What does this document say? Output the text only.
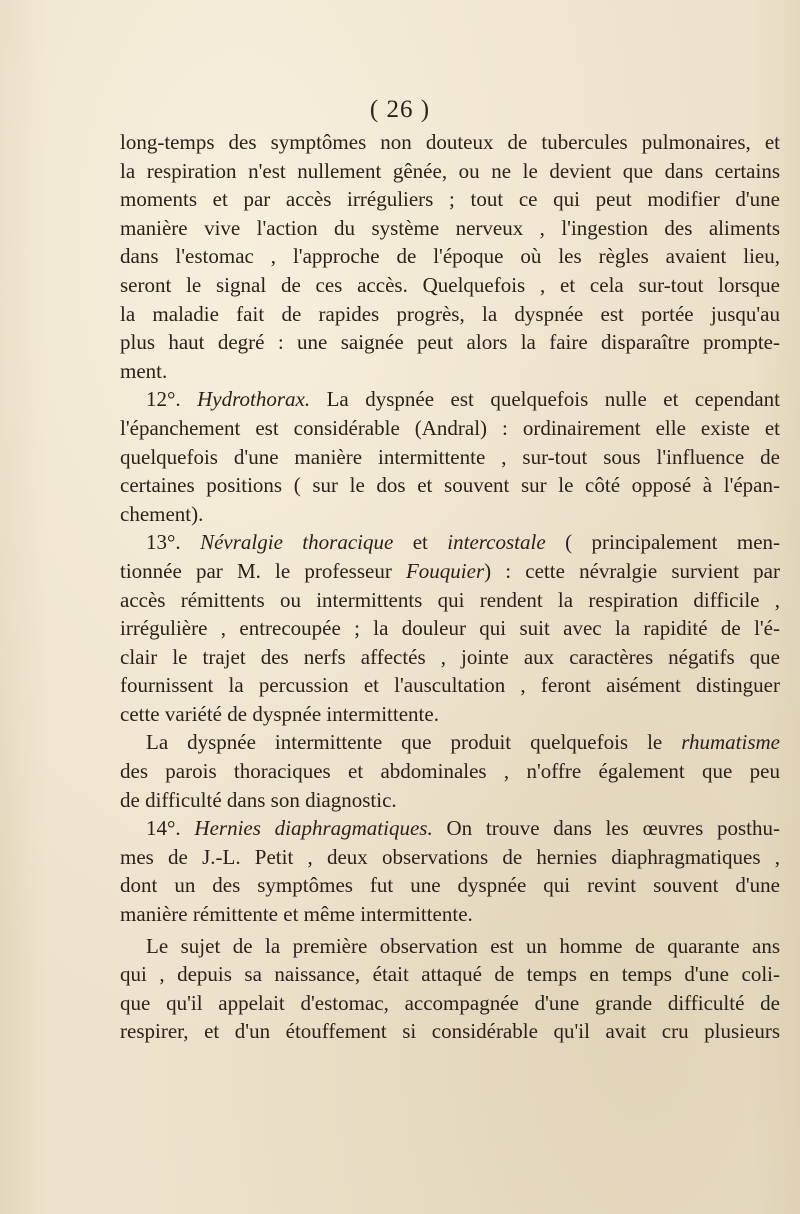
( 26 )
long-temps des symptômes non douteux de tubercules pulmonaires, et
la respiration n'est nullement gênée, ou ne le devient que dans certains
moments et par accès irréguliers ; tout ce qui peut modifier d'une
manière vive l'action du système nerveux , l'ingestion des aliments
dans l'estomac , l'approche de l'époque où les règles avaient lieu,
seront le signal de ces accès. Quelquefois , et cela sur-tout lorsque
la maladie fait de rapides progrès, la dyspnée est portée jusqu'au
plus haut degré : une saignée peut alors la faire disparaître prompte-
ment.
12°. Hydrothorax. La dyspnée est quelquefois nulle et cependant
l'épanchement est considérable (Andral) : ordinairement elle existe et
quelquefois d'une manière intermittente , sur-tout sous l'influence de
certaines positions ( sur le dos et souvent sur le côté opposé à l'épan-
chement).
13°. Névralgie thoracique et intercostale ( principalement men-
tionnée par M. le professeur Fouquier) : cette névralgie survient par
accès rémittents ou intermittents qui rendent la respiration difficile ,
irrégulière , entrecoupée ; la douleur qui suit avec la rapidité de l'é-
clair le trajet des nerfs affectés , jointe aux caractères négatifs que
fournissent la percussion et l'auscultation , feront aisément distinguer
cette variété de dyspnée intermittente.
La dyspnée intermittente que produit quelquefois le rhumatisme
des parois thoraciques et abdominales , n'offre également que peu
de difficulté dans son diagnostic.
14°. Hernies diaphragmatiques. On trouve dans les œuvres posthu-
mes de J.-L. Petit , deux observations de hernies diaphragmatiques ,
dont un des symptômes fut une dyspnée qui revint souvent d'une
manière rémittente et même intermittente.
Le sujet de la première observation est un homme de quarante ans
qui , depuis sa naissance, était attaqué de temps en temps d'une coli-
que qu'il appelait d'estomac, accompagnée d'une grande difficulté de
respirer, et d'un étouffement si considérable qu'il avait cru plusieurs
